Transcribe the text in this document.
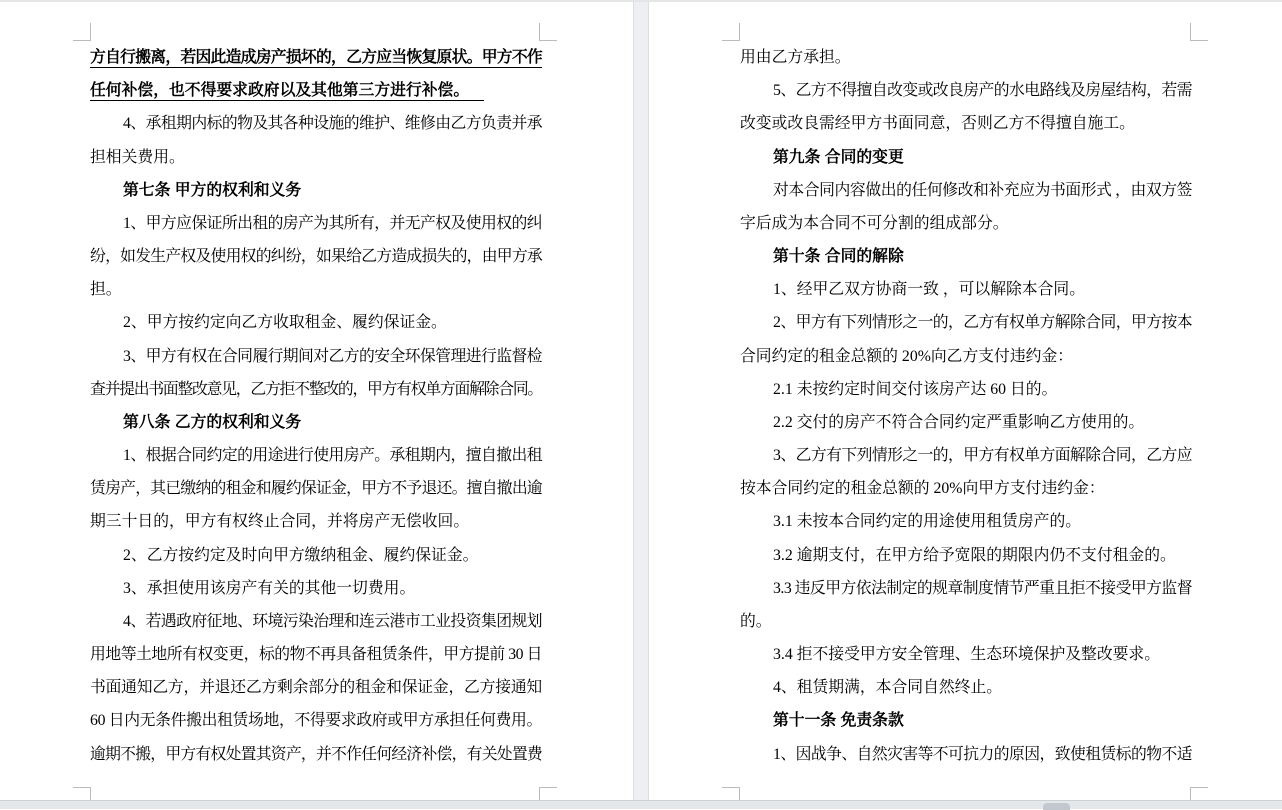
方自行搬离，若因此造成房产损坏的，乙方应当恢复原状。甲方不作
任何补偿，也不得要求政府以及其他第三方进行补偿。
4、承租期内标的物及其各种设施的维护、维修由乙方负责并承
担相关费用。
第七条 甲方的权利和义务
1、甲方应保证所出租的房产为其所有，并无产权及使用权的纠
纷，如发生产权及使用权的纠纷，如果给乙方造成损失的，由甲方承
担。
2、甲方按约定向乙方收取租金、履约保证金。
3、甲方有权在合同履行期间对乙方的安全环保管理进行监督检
查并提出书面整改意见，乙方拒不整改的，甲方有权单方面解除合同。
第八条 乙方的权利和义务
1、根据合同约定的用途进行使用房产。承租期内，擅自撤出租
赁房产，其已缴纳的租金和履约保证金，甲方不予退还。擅自撤出逾
期三十日的，甲方有权终止合同，并将房产无偿收回。
2、乙方按约定及时向甲方缴纳租金、履约保证金。
3、承担使用该房产有关的其他一切费用。
4、若遇政府征地、环境污染治理和连云港市工业投资集团规划
用地等土地所有权变更，标的物不再具备租赁条件，甲方提前 30 日
书面通知乙方，并退还乙方剩余部分的租金和保证金，乙方接通知
60 日内无条件搬出租赁场地，不得要求政府或甲方承担任何费用。
逾期不搬，甲方有权处置其资产，并不作任何经济补偿，有关处置费
用由乙方承担。
5、乙方不得擅自改变或改良房产的水电路线及房屋结构，若需
改变或改良需经甲方书面同意，否则乙方不得擅自施工。
第九条 合同的变更
对本合同内容做出的任何修改和补充应为书面形式 ，由双方签
字后成为本合同不可分割的组成部分。
第十条 合同的解除
1、经甲乙双方协商一致 ，可以解除本合同。
2、甲方有下列情形之一的，乙方有权单方解除合同，甲方按本
合同约定的租金总额的 20%向乙方支付违约金：
2.1 未按约定时间交付该房产达 60 日的。
2.2 交付的房产不符合合同约定严重影响乙方使用的。
3、乙方有下列情形之一的，甲方有权单方面解除合同，乙方应
按本合同约定的租金总额的 20%向甲方支付违约金：
3.1 未按本合同约定的用途使用租赁房产的。
3.2 逾期支付，在甲方给予宽限的期限内仍不支付租金的。
3.3 违反甲方依法制定的规章制度情节严重且拒不接受甲方监督
的。
3.4 拒不接受甲方安全管理、生态环境保护及整改要求。
4、租赁期满，本合同自然终止。
第十一条 免责条款
1、因战争、自然灾害等不可抗力的原因，致使租赁标的物不适
